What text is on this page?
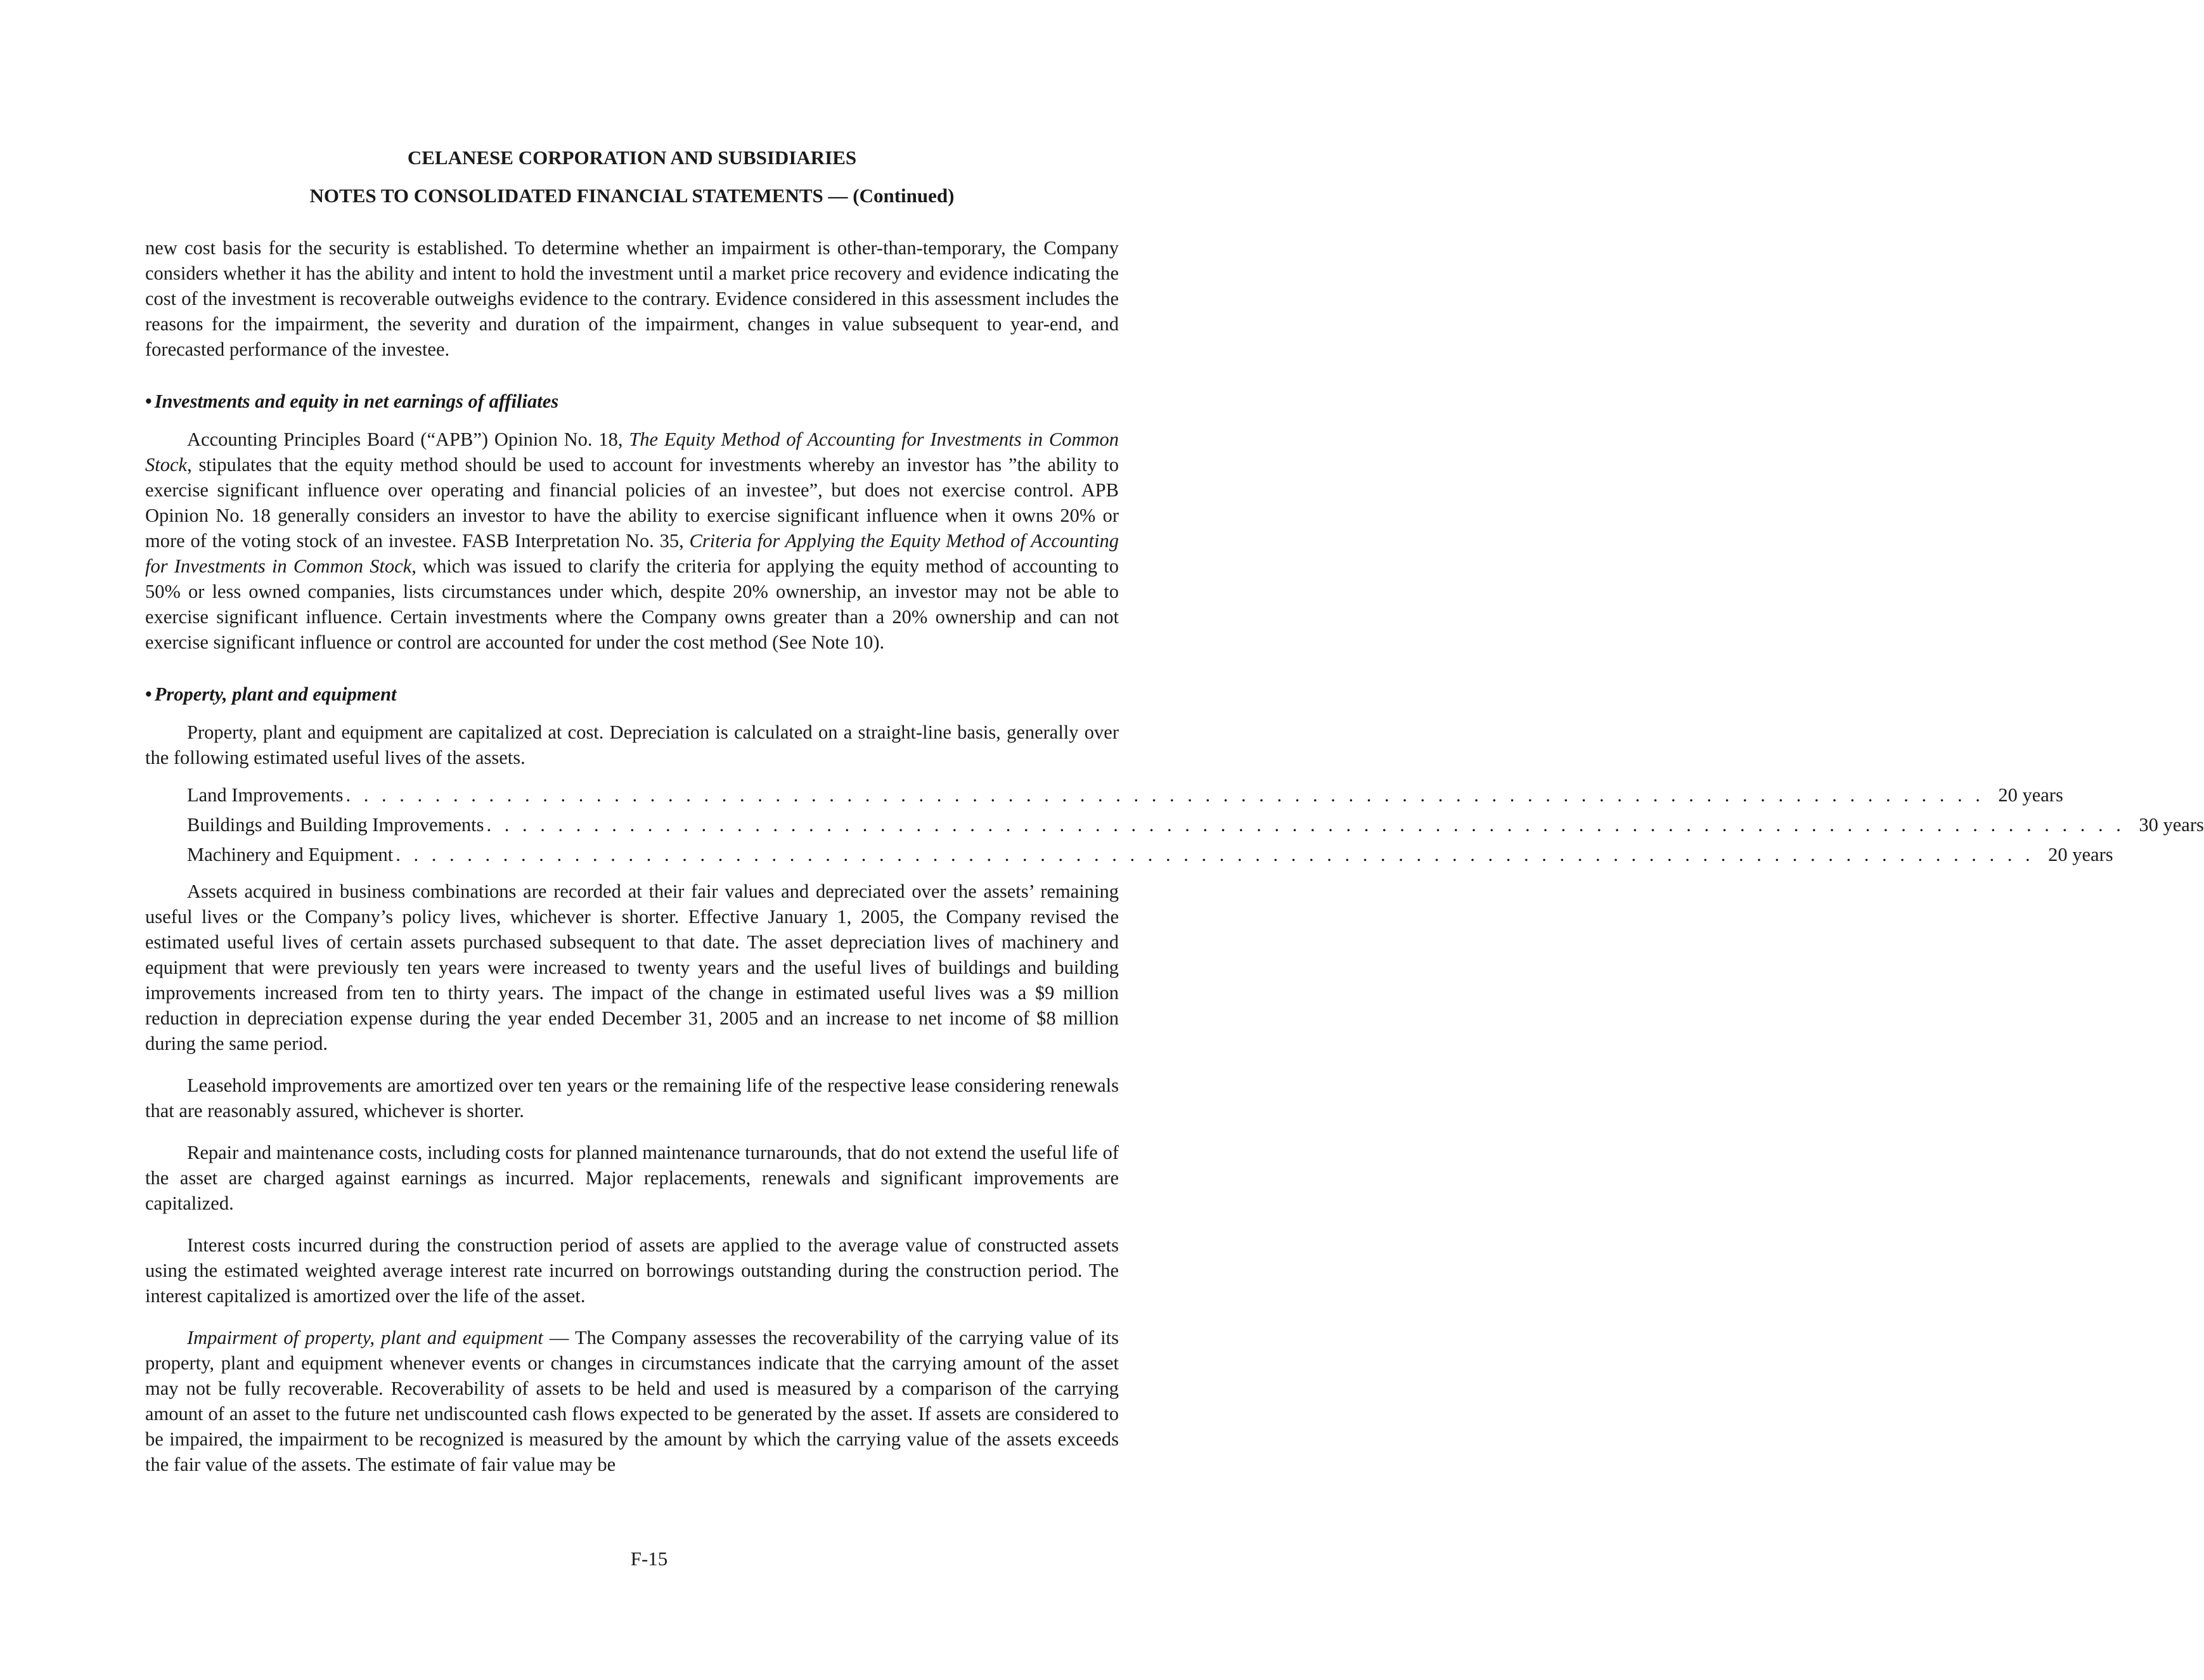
CELANESE CORPORATION AND SUBSIDIARIES
NOTES TO CONSOLIDATED FINANCIAL STATEMENTS — (Continued)

new cost basis for the security is established. To determine whether an impairment is other-than-temporary, the Company considers whether it has the ability and intent to hold the investment until a market price recovery and evidence indicating the cost of the investment is recoverable outweighs evidence to the contrary. Evidence considered in this assessment includes the reasons for the impairment, the severity and duration of the impairment, changes in value subsequent to year-end, and forecasted performance of the investee.

• Investments and equity in net earnings of affiliates

Accounting Principles Board (“APB”) Opinion No. 18, The Equity Method of Accounting for Investments in Common Stock, stipulates that the equity method should be used to account for investments whereby an investor has ”the ability to exercise significant influence over operating and financial policies of an investee”, but does not exercise control. APB Opinion No. 18 generally considers an investor to have the ability to exercise significant influence when it owns 20% or more of the voting stock of an investee. FASB Interpretation No. 35, Criteria for Applying the Equity Method of Accounting for Investments in Common Stock, which was issued to clarify the criteria for applying the equity method of accounting to 50% or less owned companies, lists circumstances under which, despite 20% ownership, an investor may not be able to exercise significant influence. Certain investments where the Company owns greater than a 20% ownership and can not exercise significant influence or control are accounted for under the cost method (See Note 10).

• Property, plant and equipment

Property, plant and equipment are capitalized at cost. Depreciation is calculated on a straight-line basis, generally over the following estimated useful lives of the assets.

Land Improvements . . . . . . . . . . . . . . . . . . . . . . . . . . . . . . . . . . . . . . . . . . . . . . . . . . . . . . . . . . . . . . . . . . . . . . . . . . . . . . . . . . . . . . . . . . . . 20 years
Buildings and Building Improvements . . . . . . . . . . . . . . . . . . . . . . . . . . . . . . . . . . . . . . . . . . . . . . . . . . . . . . . . . . . . . . . . . . . . . . . . . . . . . . . . . . . . . . . . . . . . 30 years
Machinery and Equipment . . . . . . . . . . . . . . . . . . . . . . . . . . . . . . . . . . . . . . . . . . . . . . . . . . . . . . . . . . . . . . . . . . . . . . . . . . . . . . . . . . . . . . . . . . . . 20 years

Assets acquired in business combinations are recorded at their fair values and depreciated over the assets’ remaining useful lives or the Company’s policy lives, whichever is shorter. Effective January 1, 2005, the Company revised the estimated useful lives of certain assets purchased subsequent to that date. The asset depreciation lives of machinery and equipment that were previously ten years were increased to twenty years and the useful lives of buildings and building improvements increased from ten to thirty years. The impact of the change in estimated useful lives was a $9 million reduction in depreciation expense during the year ended December 31, 2005 and an increase to net income of $8 million during the same period.

Leasehold improvements are amortized over ten years or the remaining life of the respective lease considering renewals that are reasonably assured, whichever is shorter.

Repair and maintenance costs, including costs for planned maintenance turnarounds, that do not extend the useful life of the asset are charged against earnings as incurred. Major replacements, renewals and significant improvements are capitalized.

Interest costs incurred during the construction period of assets are applied to the average value of constructed assets using the estimated weighted average interest rate incurred on borrowings outstanding during the construction period. The interest capitalized is amortized over the life of the asset.

Impairment of property, plant and equipment — The Company assesses the recoverability of the carrying value of its property, plant and equipment whenever events or changes in circumstances indicate that the carrying amount of the asset may not be fully recoverable. Recoverability of assets to be held and used is measured by a comparison of the carrying amount of an asset to the future net undiscounted cash flows expected to be generated by the asset. If assets are considered to be impaired, the impairment to be recognized is measured by the amount by which the carrying value of the assets exceeds the fair value of the assets. The estimate of fair value may be

F-15
